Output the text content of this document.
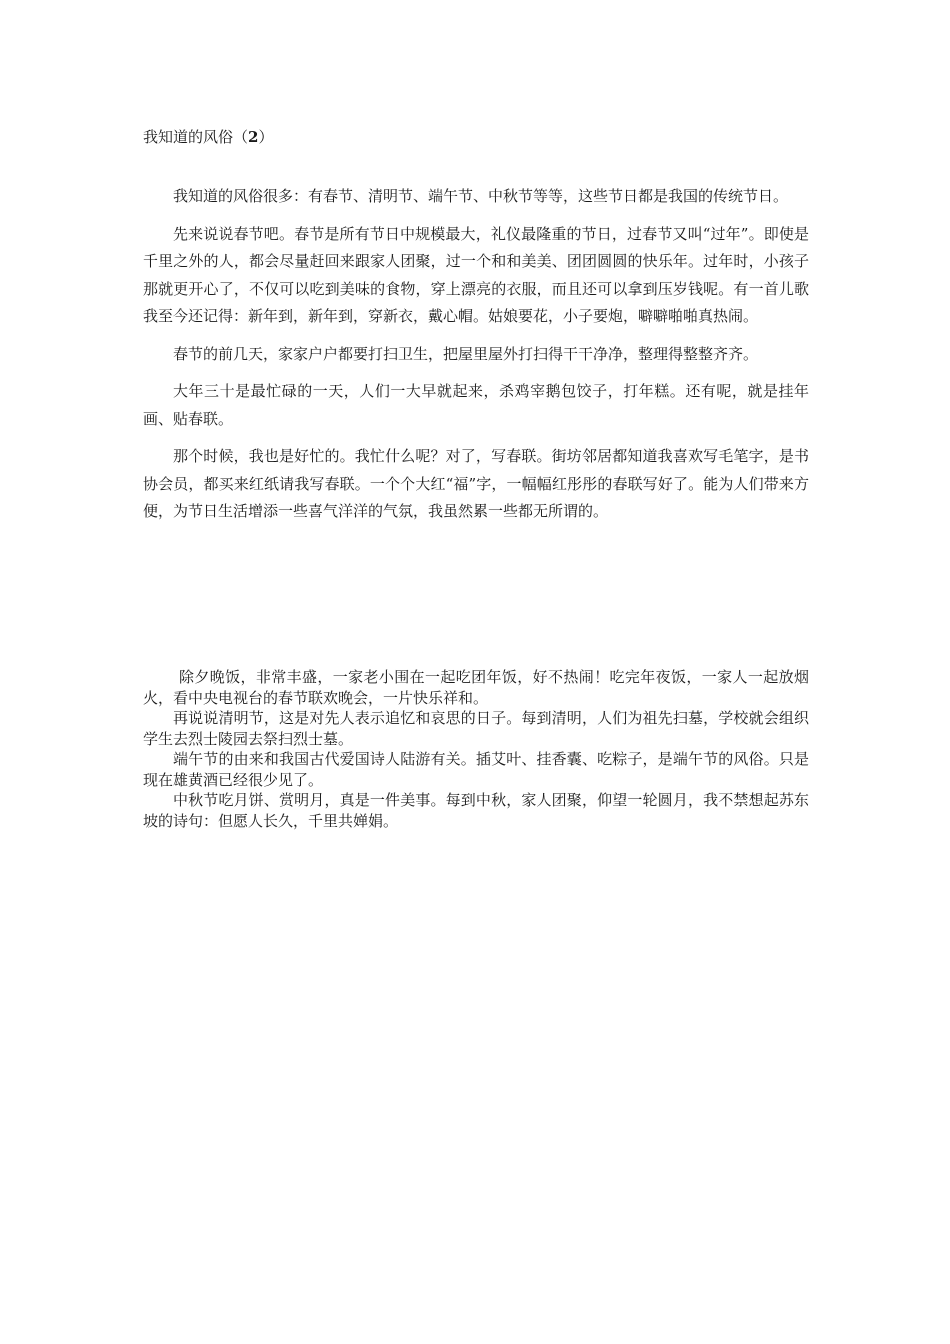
我知道的风俗（2）

我知道的风俗很多：有春节、清明节、端午节、中秋节等等，这些节日都是我国的传统节日。

先来说说春节吧。春节是所有节日中规模最大，礼仪最隆重的节日，过春节又叫“过年”。即使是千里之外的人，都会尽量赶回来跟家人团聚，过一个和和美美、团团圆圆的快乐年。过年时，小孩子那就更开心了，不仅可以吃到美味的食物，穿上漂亮的衣服，而且还可以拿到压岁钱呢。有一首儿歌我至今还记得：新年到，新年到，穿新衣，戴心帽。姑娘要花，小子要炮，噼噼啪啪真热闹。

春节的前几天，家家户户都要打扫卫生，把屋里屋外打扫得干干净净，整理得整整齐齐。

大年三十是最忙碌的一天，人们一大早就起来，杀鸡宰鹅包饺子，打年糕。还有呢，就是挂年画、贴春联。

那个时候，我也是好忙的。我忙什么呢？对了，写春联。街坊邻居都知道我喜欢写毛笔字，是书协会员，都买来红纸请我写春联。一个个大红“福”字，一幅幅红彤彤的春联写好了。能为人们带来方便，为节日生活增添一些喜气洋洋的气氛，我虽然累一些都无所谓的。

除夕晚饭，非常丰盛，一家老小围在一起吃团年饭，好不热闹！吃完年夜饭，一家人一起放烟火，看中央电视台的春节联欢晚会，一片快乐祥和。

再说说清明节，这是对先人表示追忆和哀思的日子。每到清明，人们为祖先扫墓，学校就会组织学生去烈士陵园去祭扫烈士墓。

端午节的由来和我国古代爱国诗人陆游有关。插艾叶、挂香囊、吃粽子，是端午节的风俗。只是现在雄黄酒已经很少见了。

中秋节吃月饼、赏明月，真是一件美事。每到中秋，家人团聚，仰望一轮圆月，我不禁想起苏东坡的诗句：但愿人长久，千里共婵娟。
